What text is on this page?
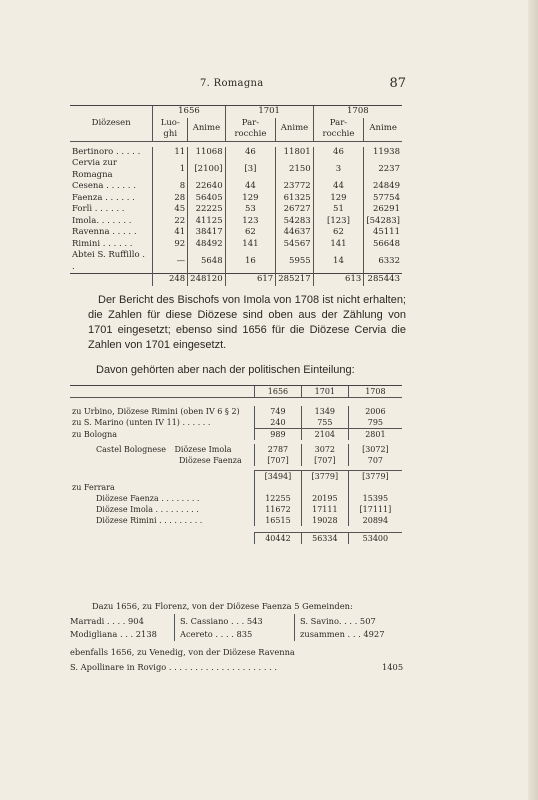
7. Romagna	87
Diözesen	1656		1701		1708	
	Luo-ghi	Anime	Par-rocchie	Anime	Par-rocchie	Anime

Bertinoro . . . . .	11	11068	46	11801	46	11938
Cervia zur Romagna	1	[2100]	[3]	2150	3	2237
Cesena . . . . . .	8	22640	44	23772	44	24849
Faenza . . . . . .	28	56405	129	61325	129	57754
Forlì . . . . . .	45	22225	53	26727	51	26291
Imola. . . . . . .	22	41125	123	54283	[123]	[54283]
Ravenna . . . . .	41	38417	62	44637	62	45111
Rimini . . . . . .	92	48492	141	54567	141	56648
Abtei S. Ruffillo . .	—	5648	16	5955	14	6332
	248	248120	617	285217	613	285443

Der Bericht des Bischofs von Imola von 1708 ist nicht erhalten; die Zahlen für diese Diözese sind oben aus der Zählung von 1701 eingesetzt; ebenso sind 1656 für die Diözese Cervia die Zahlen von 1701 eingesetzt.

Davon gehörten aber nach der politischen Einteilung:
	1656	1701	1708

zu Urbino, Diözese Rimini (oben IV 6 § 2)	749	1349	2006
zu S. Marino (unten IV 11) . . . . . .	240	755	795
zu Bologna	989	2104	2801

Castel Bolognese Diözese Imola	2787	3072	[3072]
Diözese Faenza	[707]	[707]	707

	[3494]	[3779]	[3779]
zu Ferrara			
Diözese Faenza . . . . . . . .	12255	20195	15395
Diözese Imola . . . . . . . . .	11672	17111	[17111]
Diözese Rimini . . . . . . . . .	16515	19028	20894

	40442	56334	53400
Dazu 1656, zu Florenz, von der Diözese Faenza 5 Gemeinden:
Marradi . . . . 904	S. Cassiano . . . 543	S. Savino. . . . 507
Modigliana . . . 2138	Acereto . . . . 835	zusammen . . . 4927
ebenfalls 1656, zu Venedig, von der Diözese Ravenna
S. Apollinare in Rovigo . . . . . . . . . . . . . . . . . . . . .	1405
